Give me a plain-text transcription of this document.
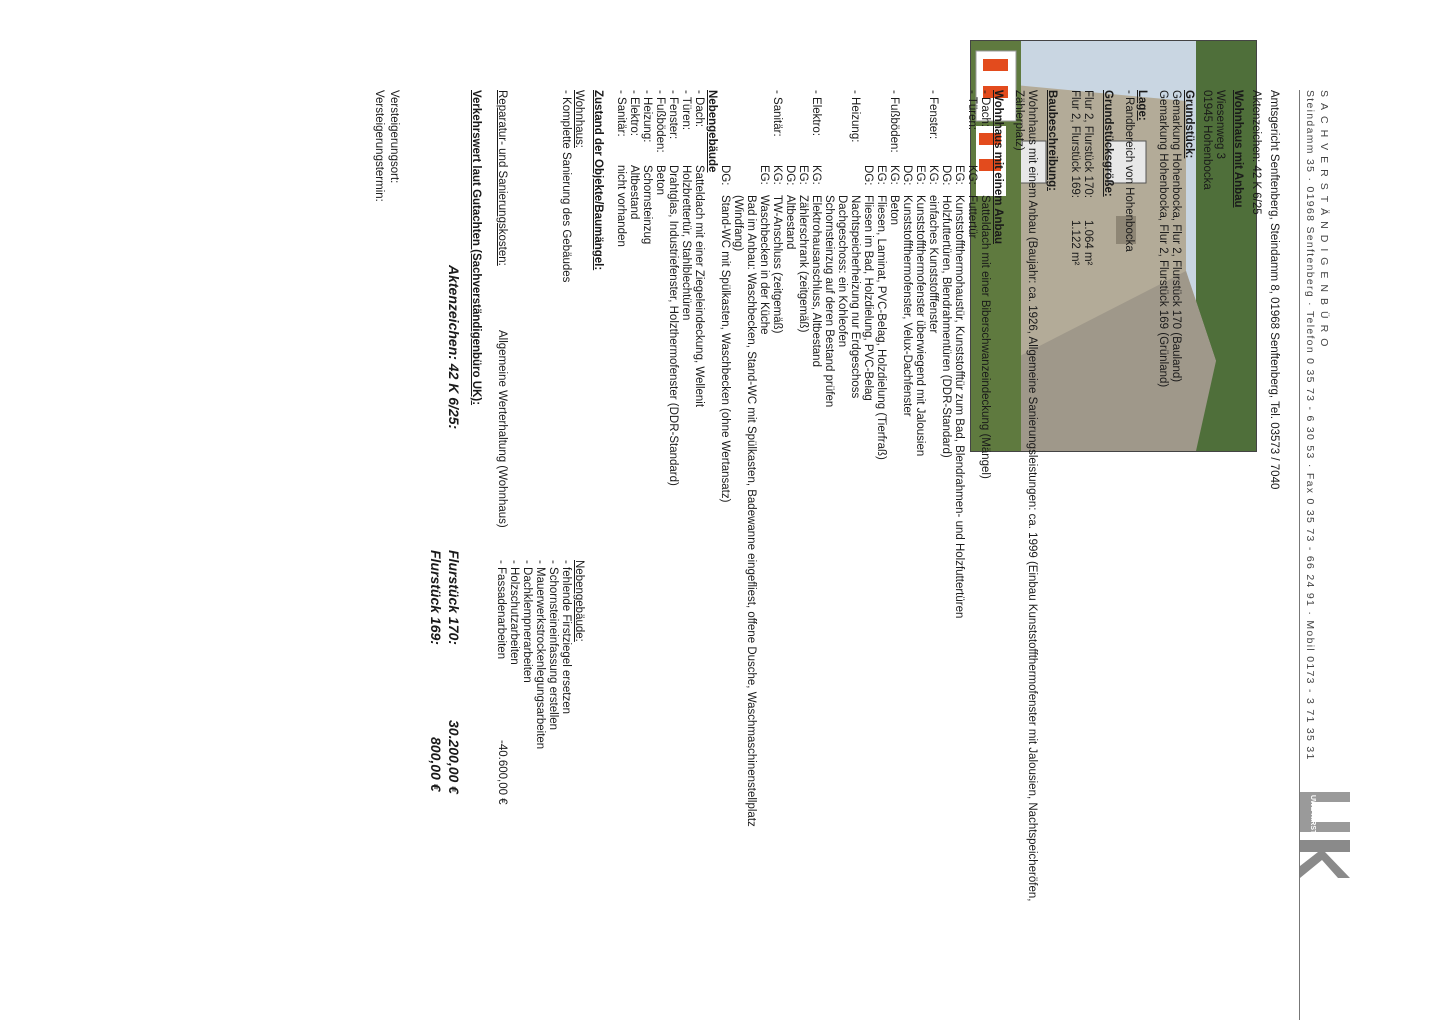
SACHVERSTÄNDIGENBÜRO
Steindamm 35 · 01968 Senftenberg · Telefon 0 35 73 - 6 30 53 · Fax 0 35 73 - 66 24 91 · Mobil 0173 - 3 71 35 31
UWE KIRSTE
Amtsgericht Senftenberg, Steindamm 8, 01968 Senftenberg, Tel. 03573 / 7040
Aktenzeichen: 42 K 6/25
Wohnhaus mit Anbau
Wiesenweg 3
01945 Hohenbocka
Grundstück:
Gemarkung Hohenbocka, Flur 2, Flurstück 170 (Bauland)
Gemarkung Hohenbocka, Flur 2, Flurstück 169 (Grünland)
Lage:
- Randbereich von Hohenbocka
Grundstücksgröße:
Flur 2, Flurstück 170:
1.064 m²
Flur 2, Flurstück 169:
1.122 m²
Baubeschreibung:
Wohnhaus mit einem Anbau (Baujahr: ca. 1926, Allgemeine Sanierungsleistungen: ca. 1999 (Einbau Kunststoffthermofenster mit Jalousien, Nachtspeicheröfen,
Zählerplatz)
Wohnhaus mit einem Anbau
- Dach:Satteldach mit einer Biberschwanzeindeckung (Mängel)
- Türen:KG:Futtertür
EG:Kunststoffthermohaustür, Kunststofftür zum Bad, Blendrahmen- und Holzfuttertüren
DG:Holzfuttertüren, Blendrahmentüren (DDR-Standard)
- Fenster:KG:einfaches Kunststofffenster
EG:Kunststoffthermofenster überwiegend mit Jalousien
DG:Kunststoffthermofenster, Velux-Dachfenster
- Fußböden:KG:Beton
EG:Fliesen, Laminat, PVC-Belag, Holzdielung (Tierfraß)
DG:Fliesen im Bad, Holzdielung, PVC-Belag
- Heizung:Nachtspeicherheizung nur Erdgeschoss
Dachgeschoss: ein Kohleofen
Schornsteinzug auf deren Bestand prüfen
- Elektro:KG:Elektrohausanschluss, Altbestand
EG:Zählerschrank (zeitgemäß)
DG:Altbestand
- Sanitär:KG:TW-Anschluss (zeitgemäß)
EG:Waschbecken in der Küche
Bad im Anbau: Waschbecken, Stand-WC mit Spülkasten, Badewanne eingefliest, offene Dusche, Waschmaschinenstellplatz
(Windfang)
DG:Stand-WC mit Spülkasten, Waschbecken (ohne Wertansatz)
Nebengebäude
- Dach:Satteldach mit einer Ziegeleindeckung, Wellenit
- Türen:Holzbrettertür, Stahlblechtüren
- Fenster:Drahtglas, Industriefenster, Holzthermofenster (DDR-Standard)
- Fußböden:Beton
- Heizung:Schornsteinzug
- Elektro:Altbestand
- Sanitär:nicht vorhanden
Zustand der Objekte/Baumängel:
Wohnhaus:
- Komplette Sanierung des Gebäudes
Nebengebäude:
- fehlende Firstziegel ersetzen
- Schornsteineinfassung erstellen
- Mauerwerkstrockenlegungsarbeiten
- Dachklempnerarbeiten
- Holzschutzarbeiten
- Fassadenarbeiten
Reparatur- und Sanierungskosten:
Allgemeine Werterhaltung (Wohnhaus)
-40.600,00 €
Verkehrswert laut Gutachten (Sachverständigenbüro UK):
Aktenzeichen: 42 K 6/25:
Flurstück 170:
30.200,00 €
Flurstück 169:
800,00 €
Versteigerungsort:
Versteigerungstermin:
